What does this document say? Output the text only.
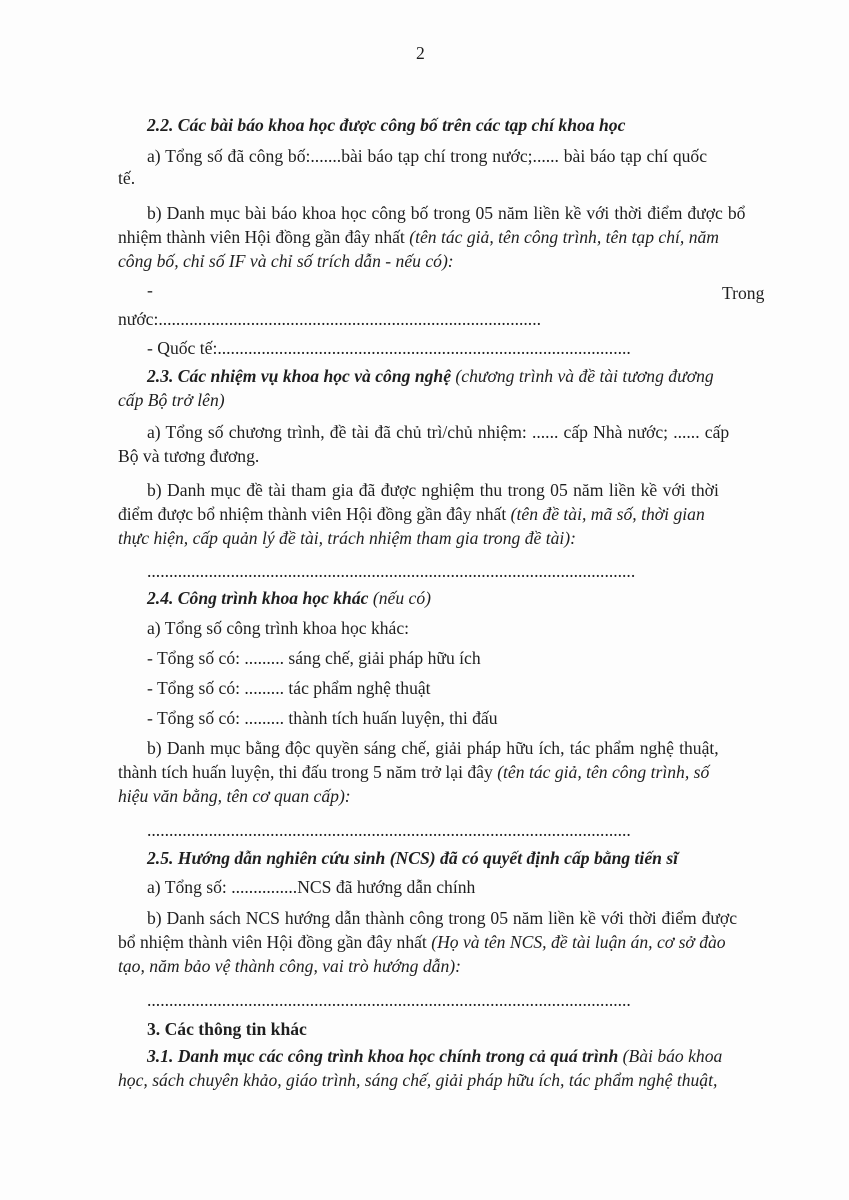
2
2.2. Các bài báo khoa học được công bố trên các tạp chí khoa học
a) Tổng số đã công bố:.......bài báo tạp chí trong nước;...... bài báo tạp chí quốc
tế.
b) Danh mục bài báo khoa học công bố trong 05 năm liền kề với thời điểm được bổ
nhiệm thành viên Hội đồng gần đây nhất (tên tác giả, tên công trình, tên tạp chí, năm
công bố, chỉ số IF và chỉ số trích dẫn - nếu có):
-	Trong
nước:.......................................................................................
- Quốc tế:..............................................................................................
2.3. Các nhiệm vụ khoa học và công nghệ (chương trình và đề tài tương đương
cấp Bộ trở lên)
a) Tổng số chương trình, đề tài đã chủ trì/chủ nhiệm: ...... cấp Nhà nước; ...... cấp
Bộ và tương đương.
b) Danh mục đề tài tham gia đã được nghiệm thu trong 05 năm liền kề với thời
điểm được bổ nhiệm thành viên Hội đồng gần đây nhất (tên đề tài, mã số, thời gian
thực hiện, cấp quản lý đề tài, trách nhiệm tham gia trong đề tài):
...............................................................................................................
2.4. Công trình khoa học khác (nếu có)
a) Tổng số công trình khoa học khác:
- Tổng số có: ......... sáng chế, giải pháp hữu ích
- Tổng số có: ......... tác phẩm nghệ thuật
- Tổng số có: ......... thành tích huấn luyện, thi đấu
b) Danh mục bằng độc quyền sáng chế, giải pháp hữu ích, tác phẩm nghệ thuật,
thành tích huấn luyện, thi đấu trong 5 năm trở lại đây (tên tác giả, tên công trình, số
hiệu văn bằng, tên cơ quan cấp):
..............................................................................................................
2.5. Hướng dẫn nghiên cứu sinh (NCS) đã có quyết định cấp bằng tiến sĩ
a) Tổng số: ...............NCS đã hướng dẫn chính
b) Danh sách NCS hướng dẫn thành công trong 05 năm liền kề với thời điểm được
bổ nhiệm thành viên Hội đồng gần đây nhất (Họ và tên NCS, đề tài luận án, cơ sở đào
tạo, năm bảo vệ thành công, vai trò hướng dẫn):
..............................................................................................................
3. Các thông tin khác
3.1. Danh mục các công trình khoa học chính trong cả quá trình (Bài báo khoa
học, sách chuyên khảo, giáo trình, sáng chế, giải pháp hữu ích, tác phẩm nghệ thuật,
